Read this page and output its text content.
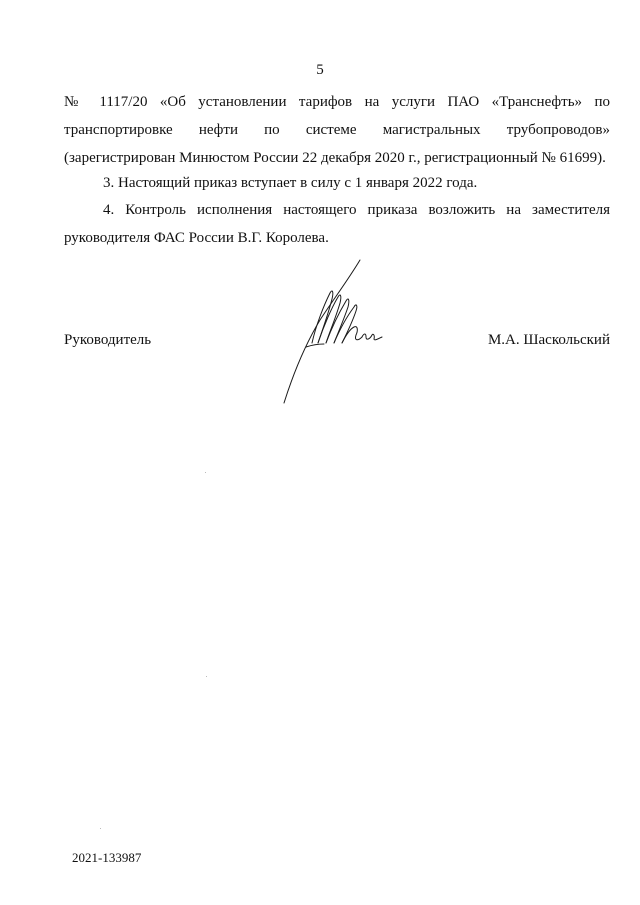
5
№ 1117/20 «Об установлении тарифов на услуги ПАО «Транснефть» по
транспортировке нефти по системе магистральных трубопроводов»
(зарегистрирован Минюстом России 22 декабря 2020 г., регистрационный № 61699).
3. Настоящий приказ вступает в силу с 1 января 2022 года.
4. Контроль исполнения настоящего приказа возложить на заместителя
руководителя ФАС России В.Г. Королева.
Руководитель	М.А. Шаскольский
2021-133987
